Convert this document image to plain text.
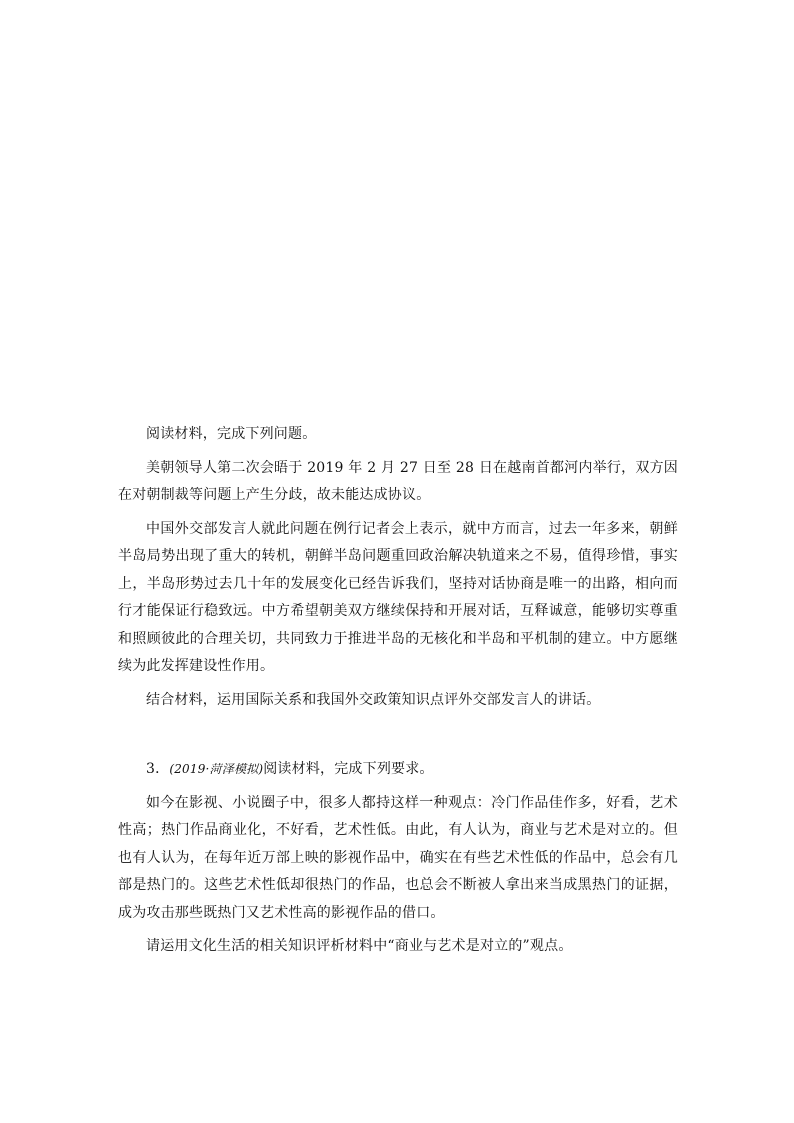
阅读材料，完成下列问题。

美朝领导人第二次会晤于 2019 年 2 月 27 日至 28 日在越南首都河内举行，双方因在对朝制裁等问题上产生分歧，故未能达成协议。

中国外交部发言人就此问题在例行记者会上表示，就中方而言，过去一年多来，朝鲜半岛局势出现了重大的转机，朝鲜半岛问题重回政治解决轨道来之不易，值得珍惜，事实上，半岛形势过去几十年的发展变化已经告诉我们，坚持对话协商是唯一的出路，相向而行才能保证行稳致远。中方希望朝美双方继续保持和开展对话，互释诚意，能够切实尊重和照顾彼此的合理关切，共同致力于推进半岛的无核化和半岛和平机制的建立。中方愿继续为此发挥建设性作用。

结合材料，运用国际关系和我国外交政策知识点评外交部发言人的讲话。

3．(2019·菏泽模拟)阅读材料，完成下列要求。

如今在影视、小说圈子中，很多人都持这样一种观点：冷门作品佳作多，好看，艺术性高；热门作品商业化，不好看，艺术性低。由此，有人认为，商业与艺术是对立的。但也有人认为，在每年近万部上映的影视作品中，确实在有些艺术性低的作品中，总会有几部是热门的。这些艺术性低却很热门的作品，也总会不断被人拿出来当成黑热门的证据，成为攻击那些既热门又艺术性高的影视作品的借口。

请运用文化生活的相关知识评析材料中“商业与艺术是对立的”观点。
